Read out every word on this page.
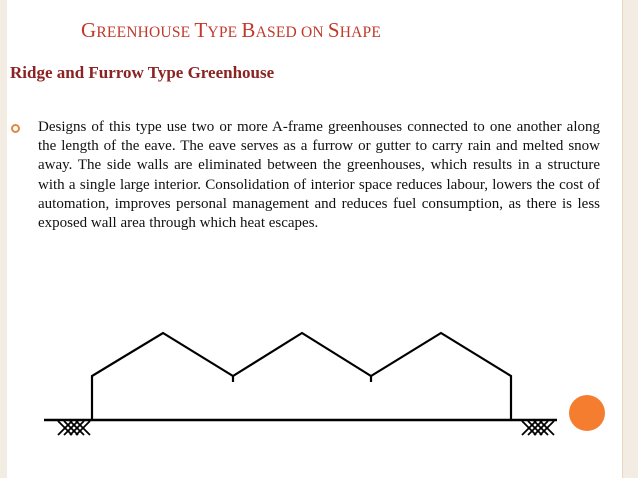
GREENHOUSE TYPE BASED ON SHAPE
Ridge and Furrow Type Greenhouse

Designs of this type use two or more A-frame greenhouses connected to one another along the length of the eave. The eave serves as a furrow or gutter to carry rain and melted snow away. The side walls are eliminated between the greenhouses, which results in a structure with a single large interior. Consolidation of interior space reduces labour, lowers the cost of automation, improves personal management and reduces fuel consumption, as there is less exposed wall area through which heat escapes.
